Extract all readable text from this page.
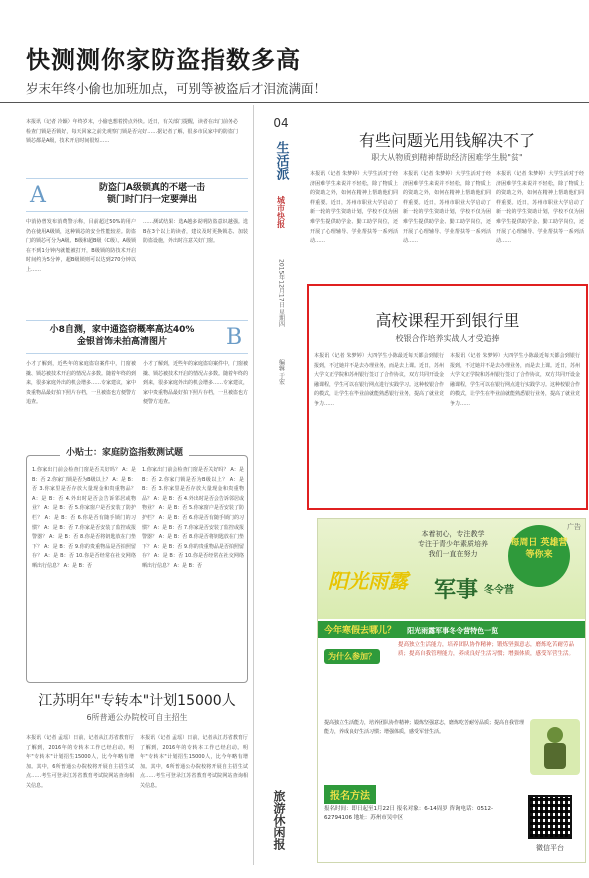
快测测你家防盗指数多高
岁末年终小偷也加班加点，可别等被盗后才泪流满面！
本报讯（记者 冷颖）年终岁末，小偷也想着捞点外快。近日，有关部门提醒，读者在出门前务必检查门锁是否锁好，每天回家之前先观察门锁是否完好……据记者了解，很多市民家中的防盗门锁芯都是A级，技术开启时间很短……
A	防盗门A级锁真的不堪一击
锁门时门闩一定要弹出
中消协曾发布消费警示称，目前超过50%的用户仍在使用A级锁，这种锁芯的安全性能较差。防盗门的锁芯可分为A级、B级和超B级（C级）。A级锁在不到1分钟内就能被打开，B级锁的防技术开启时间约为5分钟，超B级锁则可以达到270分钟以上……
……测试结果：选A越多说明防盗意识越强。选B在3个以上的读者，建议及时更换锁芯、加装防盗设施，外出时注意关好门窗。
小8自测，家中通盗窃概率高达40%
金银首饰未拍高清图片	B
小才了解到，近些年的家庭盗窃案件中，门窗被撬、锁芯被技术开启的情况占多数。随着年终的到来，很多家庭外出的机会增多……专家建议，家中贵重物品最好拍下照片存档，一旦被盗也方便警方追查。
小才了解到，近些年的家庭盗窃案件中，门窗被撬、锁芯被技术开启的情况占多数。随着年终的到来，很多家庭外出的机会增多……专家建议，家中贵重物品最好拍下照片存档，一旦被盗也方便警方追查。
小贴士：家庭防盗指数测试题
1.你家出门前会检查门窗是否关好吗？ A：是 B：否 2.你家门锁是否为B级以上？ A：是 B：否 3.你家里是否存放大量现金和贵重物品？ A：是 B：否 4.外出时是否会告诉邻居或物业？ A：是 B：否 5.你家窗户是否安装了防护栏？ A：是 B：否 6.你是否有随手锁门的习惯？ A：是 B：否 7.你家是否安装了监控或报警器？ A：是 B：否 8.你是否将钥匙放在门垫下？ A：是 B：否 9.你的贵重物品是否拍照留存？ A：是 B：否 10.你是否经常在社交网络晒出行信息？ A：是 B：否
1.你家出门前会检查门窗是否关好吗？ A：是 B：否 2.你家门锁是否为B级以上？ A：是 B：否 3.你家里是否存放大量现金和贵重物品？ A：是 B：否 4.外出时是否会告诉邻居或物业？ A：是 B：否 5.你家窗户是否安装了防护栏？ A：是 B：否 6.你是否有随手锁门的习惯？ A：是 B：否 7.你家是否安装了监控或报警器？ A：是 B：否 8.你是否将钥匙放在门垫下？ A：是 B：否 9.你的贵重物品是否拍照留存？ A：是 B：否 10.你是否经常在社交网络晒出行信息？ A：是 B：否
江苏明年"专转本"计划15000人
6所普通公办院校可自主招生
本报讯（记者 孟瑶）日前，记者从江苏省教育厅了解到，2016年的专转本工作已经启动。明年"专转本"计划招生15000人，比今年略有增加。其中，6所普通公办院校将开展自主招生试点……考生可登录江苏省教育考试院网站查询相关信息。
本报讯（记者 孟瑶）日前，记者从江苏省教育厅了解到，2016年的专转本工作已经启动。明年"专转本"计划招生15000人，比今年略有增加。其中，6所普通公办院校将开展自主招生试点……考生可登录江苏省教育考试院网站查询相关信息。
04
生活派
城市快报
2015年12月17日 星期四
编辑 于宏
旅游休闲报
有些问题光用钱解决不了
职大从物质到精神帮助经济困难学生脱"贫"
本报讯（记者 朱梦婷）大学生活对于经济困难学生来说并不轻松，除了物质上的资助之外，如何在精神上帮助他们同样重要。近日，苏州市职业大学启动了新一轮的学生资助计划，学校不仅为困难学生提供助学金、勤工助学岗位，还开展了心理辅导、学业帮扶等一系列活动……
本报讯（记者 朱梦婷）大学生活对于经济困难学生来说并不轻松，除了物质上的资助之外，如何在精神上帮助他们同样重要。近日，苏州市职业大学启动了新一轮的学生资助计划，学校不仅为困难学生提供助学金、勤工助学岗位，还开展了心理辅导、学业帮扶等一系列活动……
本报讯（记者 朱梦婷）大学生活对于经济困难学生来说并不轻松，除了物质上的资助之外，如何在精神上帮助他们同样重要。近日，苏州市职业大学启动了新一轮的学生资助计划，学校不仅为困难学生提供助学金、勤工助学岗位，还开展了心理辅导、学业帮扶等一系列活动……
高校课程开到银行里
校银合作培养实战人才受追捧
本报讯（记者 朱梦婷）大四学生小陈最近每天都会到银行报到，不过她并不是去办理业务，而是去上课。近日，苏州大学文正学院和苏州银行签订了合作协议，双方共同开设金融课程，学生可以在银行网点进行实践学习。这种校银合作的模式，让学生在毕业前就能熟悉银行业务，提高了就业竞争力……
本报讯（记者 朱梦婷）大四学生小陈最近每天都会到银行报到，不过她并不是去办理业务，而是去上课。近日，苏州大学文正学院和苏州银行签订了合作协议，双方共同开设金融课程，学生可以在银行网点进行实践学习。这种校银合作的模式，让学生在毕业前就能熟悉银行业务，提高了就业竞争力……
广告
本着初心，专注教学
专注于青少年素质培养
我们一直在努力
每周日 英雄营 等你来
阳光雨露 军事 冬令营
今年寒假去哪儿？ 阳光雨露军事冬令营特色一览
为什么参加？
提高独立生活能力，培养团队协作精神；锻炼坚强意志，磨炼吃苦耐劳品质；提高自我管理能力，养成良好生活习惯；增强体质，感受军营生活。
提高独立生活能力，培养团队协作精神；锻炼坚强意志，磨炼吃苦耐劳品质；提高自我管理能力，养成良好生活习惯；增强体质，感受军营生活。
报名方法
报名时间：即日起至1月22日 报名对象：6-14周岁 咨询电话：0512-62794106 地址：苏州市吴中区
微信平台
